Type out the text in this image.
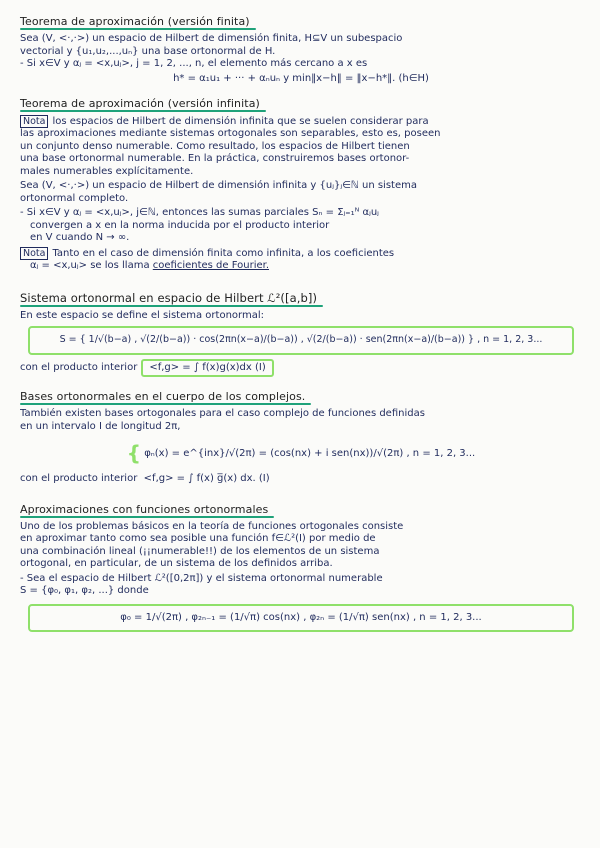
Teorema de aproximación (versión finita)
Sea (V, <·,·>) un espacio de Hilbert de dimensión finita, H⊆V un subespacio
vectorial y {u₁,u₂,...,uₙ} una base ortonormal de H.
- Si x∈V y αⱼ = <x,uⱼ>, j = 1, 2, ..., n, el elemento más cercano a x es
h* = α₁u₁ + ··· + αₙuₙ y min‖x−h‖ = ‖x−h*‖. (h∈H)
Teorema de aproximación (versión infinita)
Nota los espacios de Hilbert de dimensión infinita que se suelen considerar para
las aproximaciones mediante sistemas ortogonales son separables, esto es, poseen
un conjunto denso numerable. Como resultado, los espacios de Hilbert tienen
una base ortonormal numerable. En la práctica, construiremos bases ortonor-
males numerables explícitamente.
Sea (V, <·,·>) un espacio de Hilbert de dimensión infinita y {uⱼ}ⱼ∈ℕ un sistema
ortonormal completo.
- Si x∈V y αⱼ = <x,uⱼ>, j∈ℕ, entonces las sumas parciales Sₙ = Σⱼ₌₁ᴺ αⱼuⱼ
convergen a x en la norma inducida por el producto interior
en V cuando N → ∞.
Nota Tanto en el caso de dimensión finita como infinita, a los coeficientes
αⱼ = <x,uⱼ> se los llama coeficientes de Fourier.
Sistema ortonormal en espacio de Hilbert ℒ²([a,b])
En este espacio se define el sistema ortonormal:
S = { 1/√(b−a) , √(2/(b−a)) · cos(2πn(x−a)/(b−a)) , √(2/(b−a)) · sen(2πn(x−a)/(b−a)) } , n = 1, 2, 3...
con el producto interior <f,g> = ∫ f(x)g(x)dx (I)
Bases ortonormales en el cuerpo de los complejos.
También existen bases ortogonales para el caso complejo de funciones definidas
en un intervalo I de longitud 2π,
{ φₙ(x) = e^{inx}/√(2π) = (cos(nx) + i sen(nx))/√(2π) , n = 1, 2, 3...
con el producto interior <f,g> = ∫ f(x) g̅(x) dx. (I)
Aproximaciones con funciones ortonormales
Uno de los problemas básicos en la teoría de funciones ortogonales consiste
en aproximar tanto como sea posible una función f∈ℒ²(I) por medio de
una combinación lineal (¡¡numerable!!) de los elementos de un sistema
ortogonal, en particular, de un sistema de los definidos arriba.
- Sea el espacio de Hilbert ℒ²([0,2π]) y el sistema ortonormal numerable
S = {φ₀, φ₁, φ₂, ...} donde
φ₀ = 1/√(2π) , φ₂ₙ₋₁ = (1/√π) cos(nx) , φ₂ₙ = (1/√π) sen(nx) , n = 1, 2, 3...
